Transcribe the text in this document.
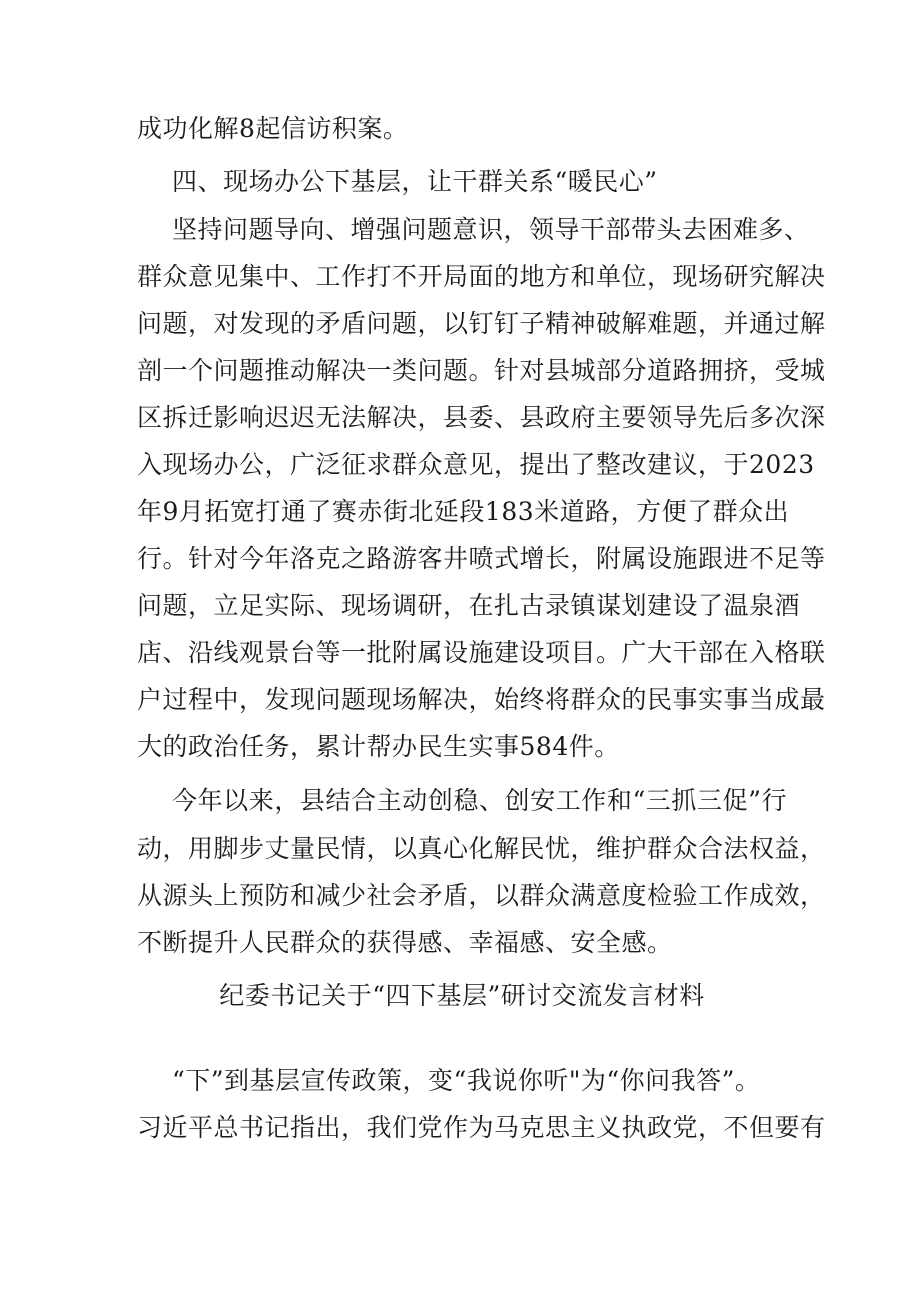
成功化解8起信访积案。
四、现场办公下基层，让干群关系“暖民心”
坚持问题导向、增强问题意识，领导干部带头去困难多、
群众意见集中、工作打不开局面的地方和单位，现场研究解决
问题，对发现的矛盾问题，以钉钉子精神破解难题，并通过解
剖一个问题推动解决一类问题。针对县城部分道路拥挤，受城
区拆迁影响迟迟无法解决，县委、县政府主要领导先后多次深
入现场办公，广泛征求群众意见，提出了整改建议，于2023
年9月拓宽打通了赛赤街北延段183米道路，方便了群众出
行。针对今年洛克之路游客井喷式增长，附属设施跟进不足等
问题，立足实际、现场调研，在扎古录镇谋划建设了温泉酒
店、沿线观景台等一批附属设施建设项目。广大干部在入格联
户过程中，发现问题现场解决，始终将群众的民事实事当成最
大的政治任务，累计帮办民生实事584件。
今年以来，县结合主动创稳、创安工作和“三抓三促”行
动，用脚步丈量民情，以真心化解民忧，维护群众合法权益，
从源头上预防和减少社会矛盾，以群众满意度检验工作成效，
不断提升人民群众的获得感、幸福感、安全感。
纪委书记关于“四下基层”研讨交流发言材料
“下”到基层宣传政策，变“我说你听"为“你问我答”。
习近平总书记指出，我们党作为马克思主义执政党，不但要有
